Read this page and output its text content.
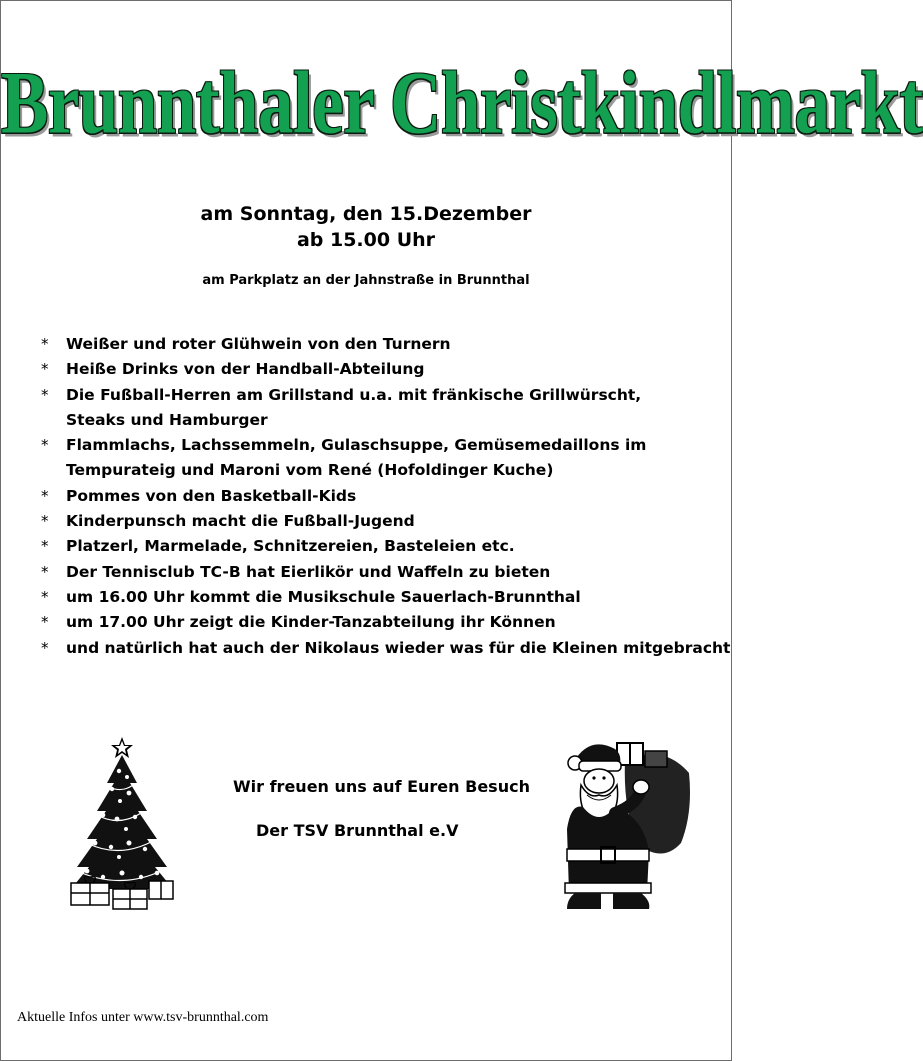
Brunnthaler Christkindlmarkt
am Sonntag, den 15.Dezember
ab 15.00 Uhr
am Parkplatz an der Jahnstraße in Brunnthal
* Weißer und roter Glühwein von den Turnern
* Heiße Drinks von der Handball-Abteilung
* Die Fußball-Herren am Grillstand u.a. mit fränkische Grillwürscht,
Steaks und Hamburger
* Flammlachs, Lachssemmeln, Gulaschsuppe, Gemüsemedaillons im
Tempurateig und Maroni vom René (Hofoldinger Kuche)
* Pommes von den Basketball-Kids
* Kinderpunsch macht die Fußball-Jugend
* Platzerl, Marmelade, Schnitzereien, Basteleien etc.
* Der Tennisclub TC-B hat Eierlikör und Waffeln zu bieten
* um 16.00 Uhr kommt die Musikschule Sauerlach-Brunnthal
* um 17.00 Uhr zeigt die Kinder-Tanzabteilung ihr Können
* und natürlich hat auch der Nikolaus wieder was für die Kleinen mitgebracht
Wir freuen uns auf Euren Besuch
Der TSV Brunnthal e.V
Aktuelle Infos unter www.tsv-brunnthal.com
